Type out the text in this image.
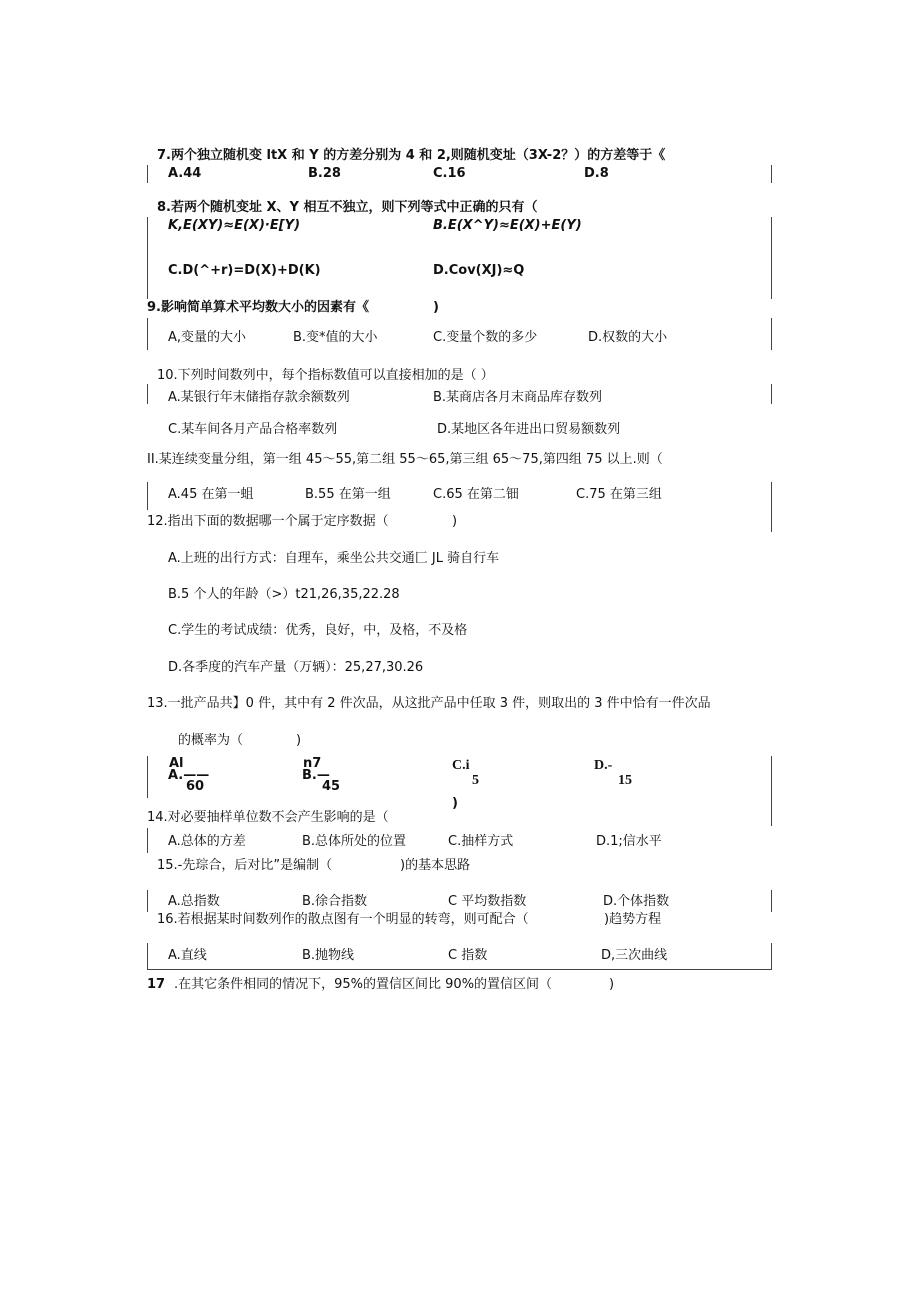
7.两个独立随机变 ltX 和 Y 的方差分别为 4 和 2,则随机变址（3X-2？）的方差等于《
A.44	B.28	C.16	D.8
8.若两个随机变址 X、Y 相互不独立，则下列等式中正确的只有（
K,E(XY)≈E(X)·E[Y)	B.E(X^Y)≈E(X)+E(Y)
C.D(^+r)=D(X)+D(K)	D.Cov(XJ)≈Q
9.影响简单算术平均数大小的因素有《	)
A,变量的大小	B.变*值的大小	C.变量个数的多少	D.权数的大小
10.下列时间数列中，每个指标数值可以直接相加的是（ ）
A.某银行年末储指存款余额数列	B.某商店各月末商品库存数列
C.某车间各月产品合格率数列	D.某地区各年进出口贸易额数列
II.某连续变量分组，第一组 45～55,第二组 55～65,第三组 65～75,第四组 75 以上.则（
A.45 在第一蛆	B.55 在第一组	C.65 在第二钿	C.75 在第三组
12.指出下面的数据哪一个属于定序数据（	)
A.上班的出行方式：自理车，乘坐公共交通匚 JL 骑自行车
B.5 个人的年龄（>）t21,26,35,22.28
C.学生的考试成绩：优秀，良好，中，及格，不及格
D.各季度的汽车产量（万辆）：25,27,30.26
13.一批产品共】0 件，其中有 2 件次品，从这批产品中任取 3 件，则取出的 3 件中恰有一件次品
的概率为（	)
Al
A.——
60
n7
B.—
45
C.i
5
D.-
15
)
14.对必要抽样单位数不会产生影响的是（
A.总体的方差	B.总体所处的位置	C.抽样方式	D.1;信水平
15.-先琮合，后对比”是编制（	)的基本思路
A.总指数	B.徐合指数	C 平均数指数	D.个体指数
16.若根据某时间数列作的散点图有一个明显的转弯，则可配合（	)趋势方程
A.直线	B.抛物线	C 指数	D,三次曲线
17 .在其它条件相同的情况下，95%的置信区间比 90%的置信区间（	)
